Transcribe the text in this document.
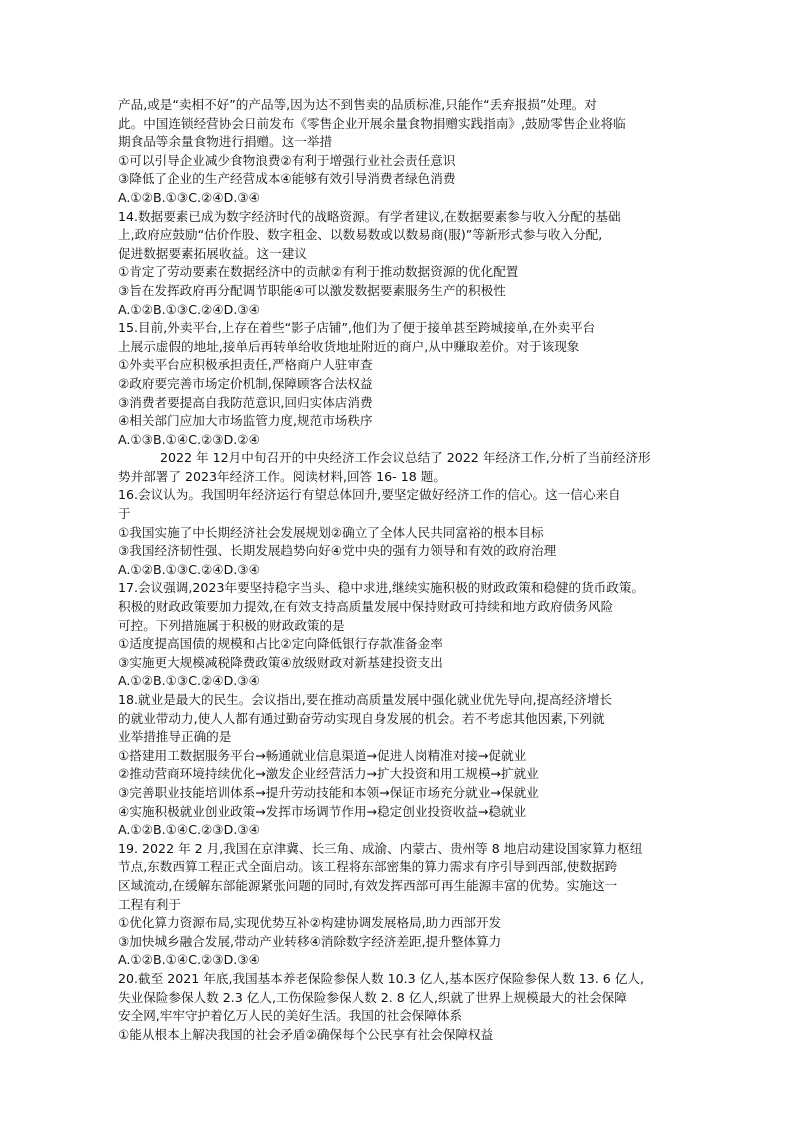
产品,或是“卖相不好”的产品等,因为达不到售卖的品质标准,只能作“丢弃报损”处理。对
此。中国连锁经营协会日前发布《零售企业开展余量食物捐赠实践指南》,鼓励零售企业将临
期食品等余量食物进行捐赠。这一举措
①可以引导企业减少食物浪费②有利于增强行业社会责任意识
③降低了企业的生产经营成本④能够有效引导消费者绿色消费
A.①②B.①③C.②④D.③④
14.数据要素已成为数字经济时代的战略资源。有学者建议,在数据要素参与收入分配的基础
上,政府应鼓励“估价作股、数字租金、以数易数或以数易商(服)”等新形式参与收入分配,
促进数据要素拓展收益。这一建议
①肯定了劳动要素在数据经济中的贡献②有利于推动数据资源的优化配置
③旨在发挥政府再分配调节职能④可以激发数据要素服务生产的积极性
A.①②B.①③C.②④D.③④
15.目前,外卖平台,上存在着些“影子店铺”,他们为了便于接单甚至跨城接单,在外卖平台
上展示虚假的地址,接单后再转单给收货地址附近的商户,从中赚取差价。对于该现象
①外卖平台应积极承担责任,严格商户人驻审查
②政府要完善市场定价机制,保障顾客合法权益
③消费者要提高自我防范意识,回归实体店消费
④相关部门应加大市场监管力度,规范市场秩序
A.①③B.①④C.②③D.②④
2022 年 12月中旬召开的中央经济工作会议总结了 2022 年经济工作,分析了当前经济形
势并部署了 2023年经济工作。阅读材料,回答 16- 18 题。
16.会议认为。我国明年经济运行有望总体回升,要坚定做好经济工作的信心。这一信心来自
于
①我国实施了中长期经济社会发展规划②确立了全体人民共同富裕的根本目标
③我国经济韧性强、长期发展趋势向好④党中央的强有力领导和有效的政府治理
A.①②B.①③C.②④D.③④
17.会议强调,2023年要坚持稳字当头、稳中求进,继续实施积极的财政政策和稳健的货币政策。
积极的财政政策要加力提效,在有效支持高质量发展中保持财政可持续和地方政府债务风险
可控。下列措施属于积极的财政政策的是
①适度提高国债的规模和占比②定向降低银行存款准备金率
③实施更大规模减税降费政策④放级财政对新基建投资支出
A.①②B.①③C.②④D.③④
18.就业是最大的民生。会议指出,要在推动高质量发展中强化就业优先导向,提高经济增长
的就业带动力,使人人都有通过勤奋劳动实现自身发展的机会。若不考虑其他因素,下列就
业举措推导正确的是
①搭建用工数据服务平台→畅通就业信息渠道→促进人岗精准对接→促就业
②推动营商环境持续优化→激发企业经营活力→扩大投资和用工规模→扩就业
③完善职业技能培训体系→提升劳动技能和本领→保证市场充分就业→保就业
④实施积极就业创业政策→发挥市场调节作用→稳定创业投资收益→稳就业
A.①②B.①④C.②③D.③④
19. 2022 年 2 月,我国在京津冀、长三角、成渝、内蒙古、贵州等 8 地启动建设国家算力枢纽
节点,东数西算工程正式全面启动。该工程将东部密集的算力需求有序引导到西部,使数据跨
区域流动,在缓解东部能源紧张问题的同时,有效发挥西部可再生能源丰富的优势。实施这一
工程有利于
①优化算力资源布局,实现优势互补②构建协调发展格局,助力西部开发
③加快城乡融合发展,带动产业转移④消除数字经济差距,提升整体算力
A.①②B.①④C.②③D.③④
20.截至 2021 年底,我国基本养老保险参保人数 10.3 亿人,基本医疗保险参保人数 13. 6 亿人,
失业保险参保人数 2.3 亿人,工伤保险参保人数 2. 8 亿人,织就了世界上规模最大的社会保障
安全网,牢牢守护着亿万人民的美好生活。我国的社会保障体系
①能从根本上解决我国的社会矛盾②确保每个公民享有社会保障权益
